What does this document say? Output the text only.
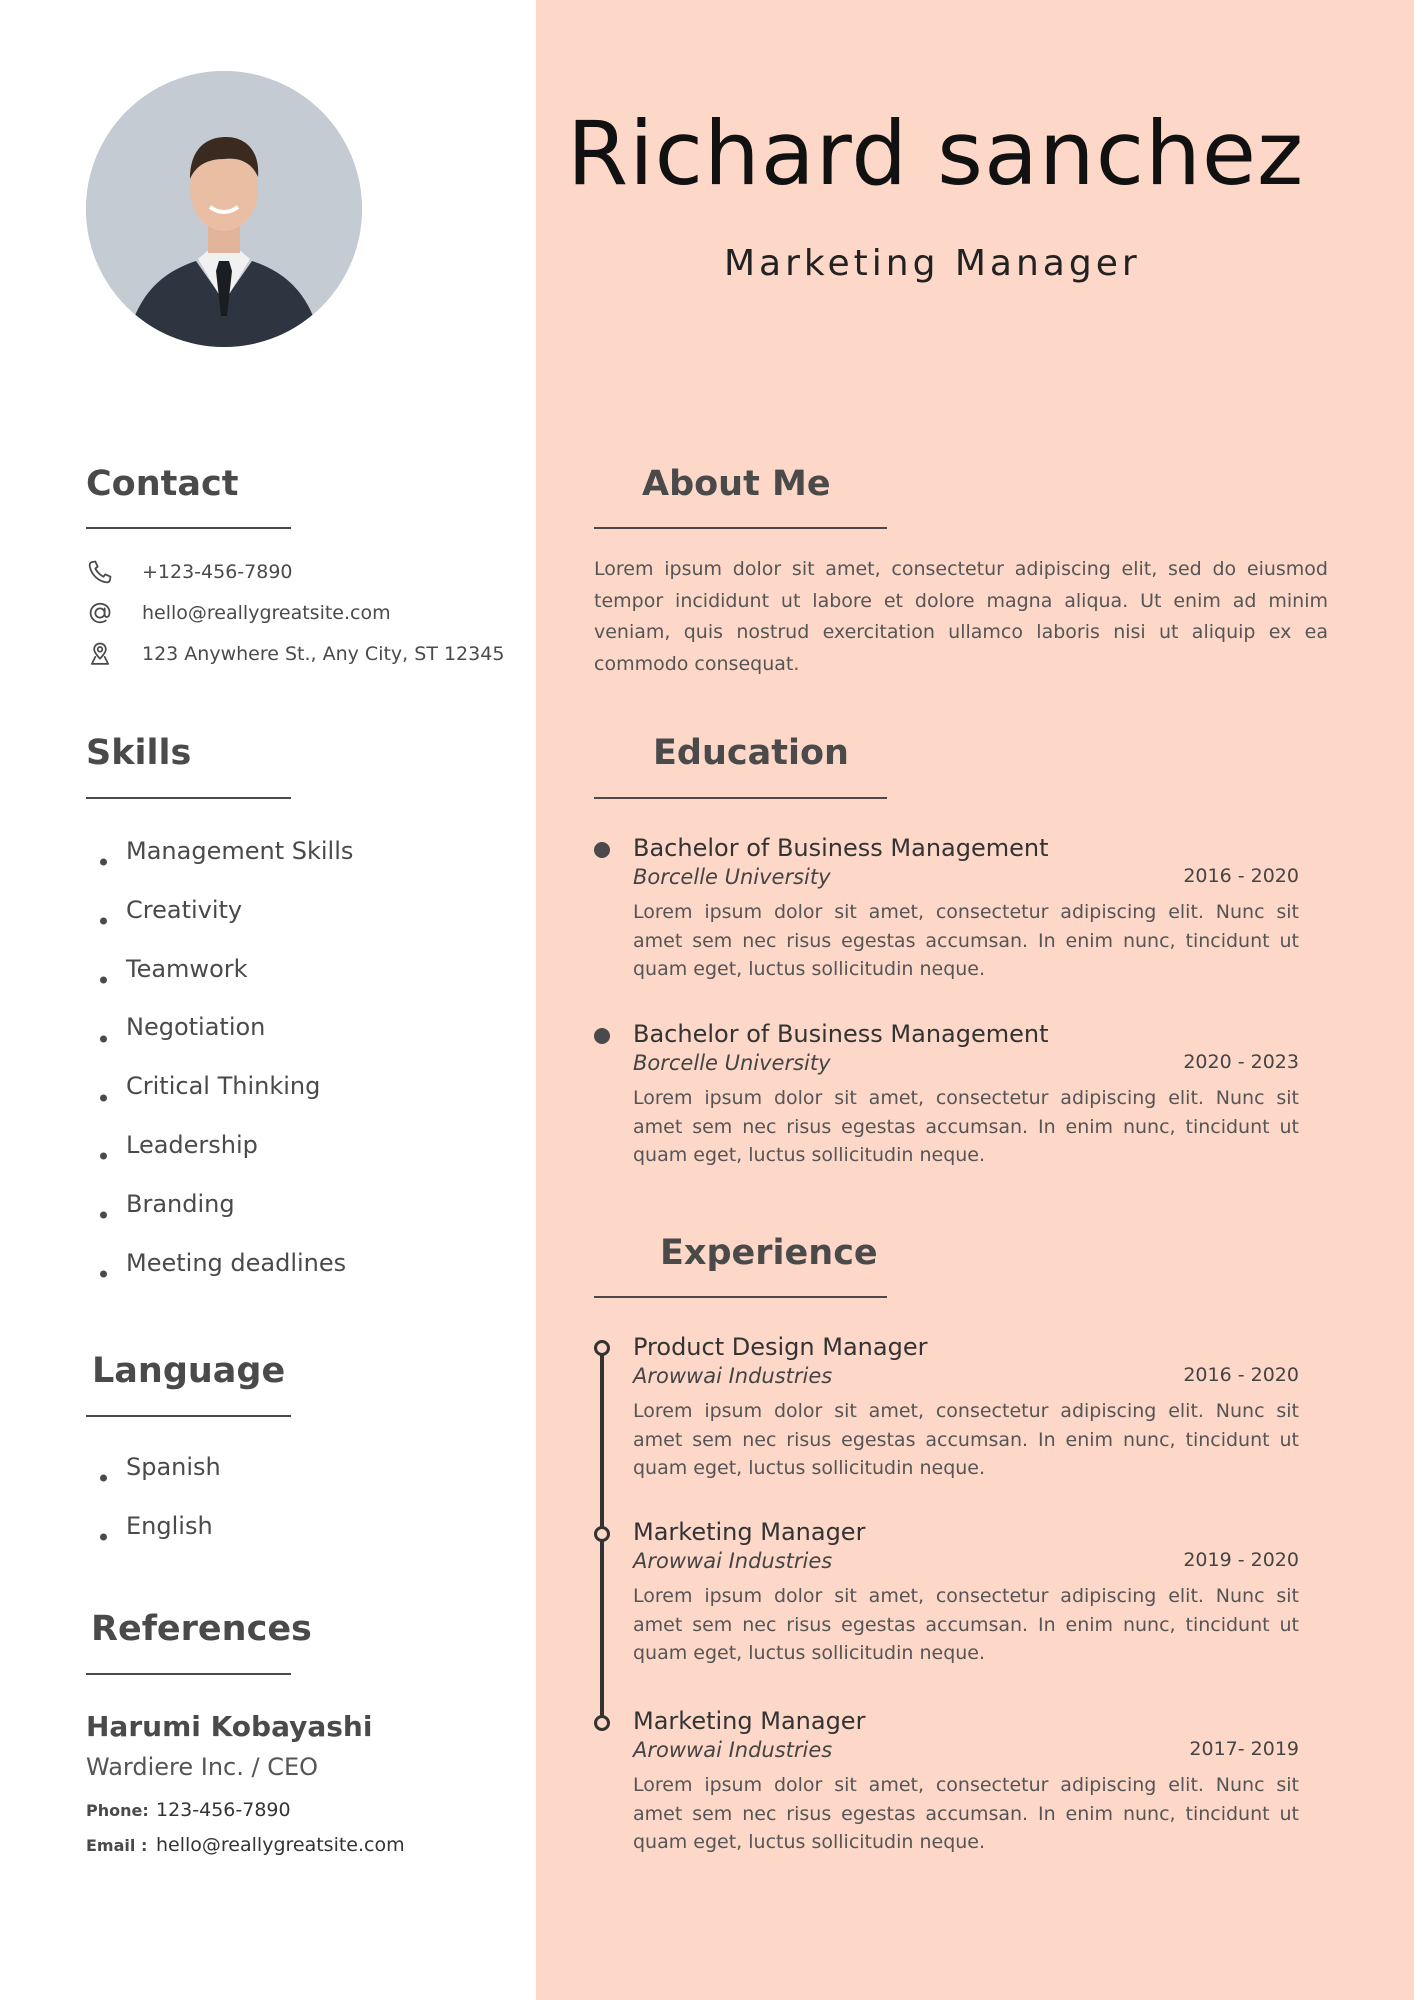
Richard sanchez
Marketing Manager
Contact
+123-456-7890
hello@reallygreatsite.com
123 Anywhere St., Any City, ST 12345
Skills
Management Skills
Creativity
Teamwork
Negotiation
Critical Thinking
Leadership
Branding
Meeting deadlines
Language
Spanish
English
References
Harumi Kobayashi
Wardiere Inc. / CEO
Phone: 123-456-7890
Email : hello@reallygreatsite.com
About Me
Lorem ipsum dolor sit amet, consectetur adipiscing elit, sed do eiusmod tempor incididunt ut labore et dolore magna aliqua. Ut enim ad minim veniam, quis nostrud exercitation ullamco laboris nisi ut aliquip ex ea commodo consequat.
Education
Bachelor of Business Management
Borcelle University	2016 - 2020
Lorem ipsum dolor sit amet, consectetur adipiscing elit. Nunc sit amet sem nec risus egestas accumsan. In enim nunc, tincidunt ut quam eget, luctus sollicitudin neque.
Bachelor of Business Management
Borcelle University	2020 - 2023
Lorem ipsum dolor sit amet, consectetur adipiscing elit. Nunc sit amet sem nec risus egestas accumsan. In enim nunc, tincidunt ut quam eget, luctus sollicitudin neque.
Experience
Product Design Manager
Arowwai Industries	2016 - 2020
Lorem ipsum dolor sit amet, consectetur adipiscing elit. Nunc sit amet sem nec risus egestas accumsan. In enim nunc, tincidunt ut quam eget, luctus sollicitudin neque.
Marketing Manager
Arowwai Industries	2019 - 2020
Lorem ipsum dolor sit amet, consectetur adipiscing elit. Nunc sit amet sem nec risus egestas accumsan. In enim nunc, tincidunt ut quam eget, luctus sollicitudin neque.
Marketing Manager
Arowwai Industries	2017- 2019
Lorem ipsum dolor sit amet, consectetur adipiscing elit. Nunc sit amet sem nec risus egestas accumsan. In enim nunc, tincidunt ut quam eget, luctus sollicitudin neque.
